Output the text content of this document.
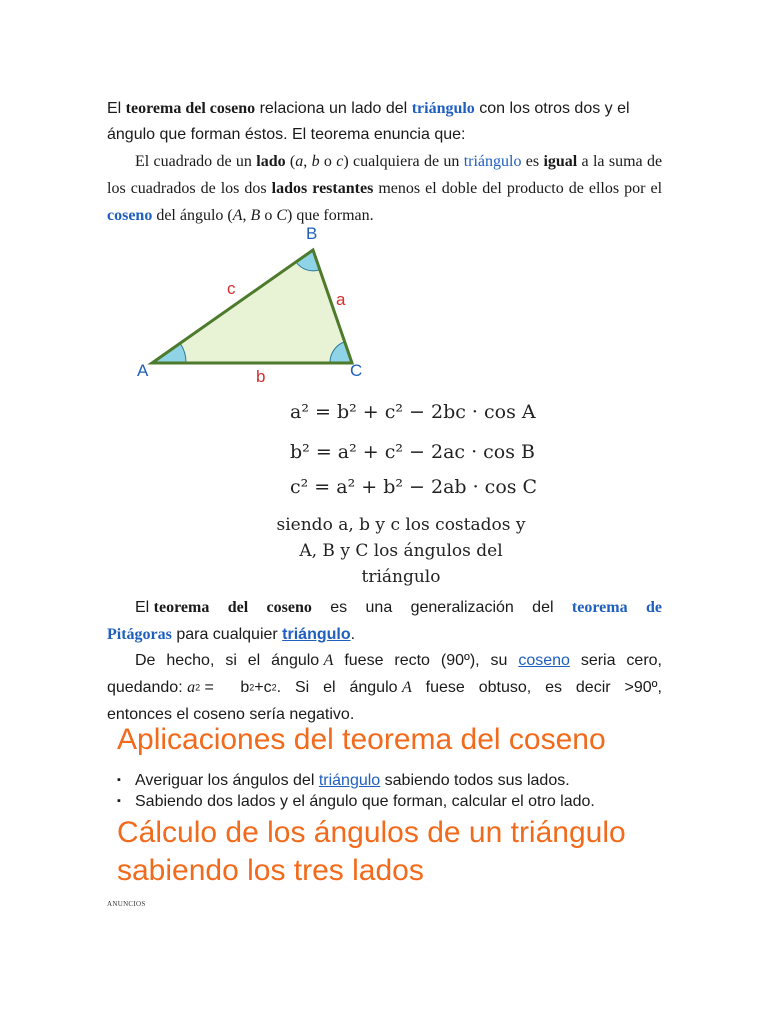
El teorema del coseno relaciona un lado del triángulo con los otros dos y el ángulo que forman éstos. El teorema enuncia que:

El cuadrado de un lado (a, b o c) cualquiera de un triángulo es igual a la suma de los cuadrados de los dos lados restantes menos el doble del producto de ellos por el coseno del ángulo (A, B o C) que forman.

B
A	C
c
a
b
a² = b² + c² − 2bc · cos A
b² = a² + c² − 2ac · cos B
c² = a² + b² − 2ab · cos C
siendo a, b y c los costados y
A, B y C los ángulos del
triángulo
El teorema del coseno es una generalización del teorema de
Pitágoras para cualquier triángulo.
De hecho, si el ángulo A fuese recto (90º), su coseno seria cero,
quedando: a2 = b2+c2. Si el ángulo A fuese obtuso, es decir >90º,
entonces el coseno sería negativo.
Aplicaciones del teorema del coseno
▪ Averiguar los ángulos del triángulo sabiendo todos sus lados.
▪ Sabiendo dos lados y el ángulo que forman, calcular el otro lado.
Cálculo de los ángulos de un triángulo
sabiendo los tres lados
ANUNCIOS
